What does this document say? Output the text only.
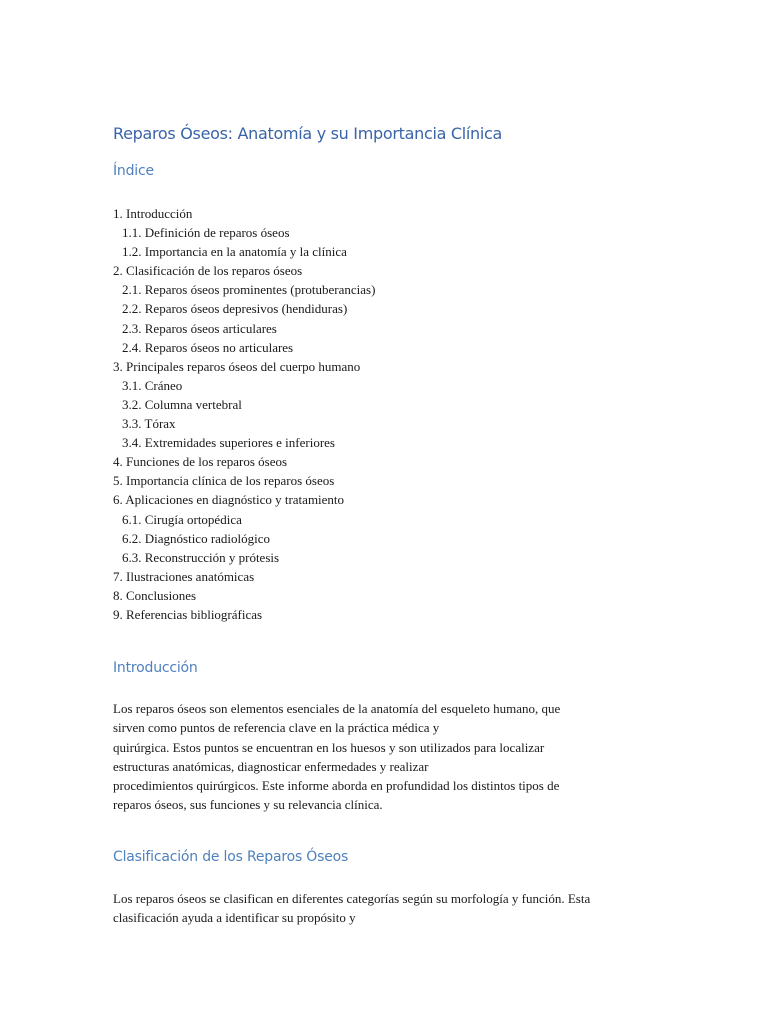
Reparos Óseos: Anatomía y su Importancia Clínica
Índice
1. Introducción
1.1. Definición de reparos óseos
1.2. Importancia en la anatomía y la clínica
2. Clasificación de los reparos óseos
2.1. Reparos óseos prominentes (protuberancias)
2.2. Reparos óseos depresivos (hendiduras)
2.3. Reparos óseos articulares
2.4. Reparos óseos no articulares
3. Principales reparos óseos del cuerpo humano
3.1. Cráneo
3.2. Columna vertebral
3.3. Tórax
3.4. Extremidades superiores e inferiores
4. Funciones de los reparos óseos
5. Importancia clínica de los reparos óseos
6. Aplicaciones en diagnóstico y tratamiento
6.1. Cirugía ortopédica
6.2. Diagnóstico radiológico
6.3. Reconstrucción y prótesis
7. Ilustraciones anatómicas
8. Conclusiones
9. Referencias bibliográficas
Introducción
Los reparos óseos son elementos esenciales de la anatomía del esqueleto humano, que
sirven como puntos de referencia clave en la práctica médica y
quirúrgica. Estos puntos se encuentran en los huesos y son utilizados para localizar
estructuras anatómicas, diagnosticar enfermedades y realizar
procedimientos quirúrgicos. Este informe aborda en profundidad los distintos tipos de
reparos óseos, sus funciones y su relevancia clínica.
Clasificación de los Reparos Óseos
Los reparos óseos se clasifican en diferentes categorías según su morfología y función. Esta
clasificación ayuda a identificar su propósito y
